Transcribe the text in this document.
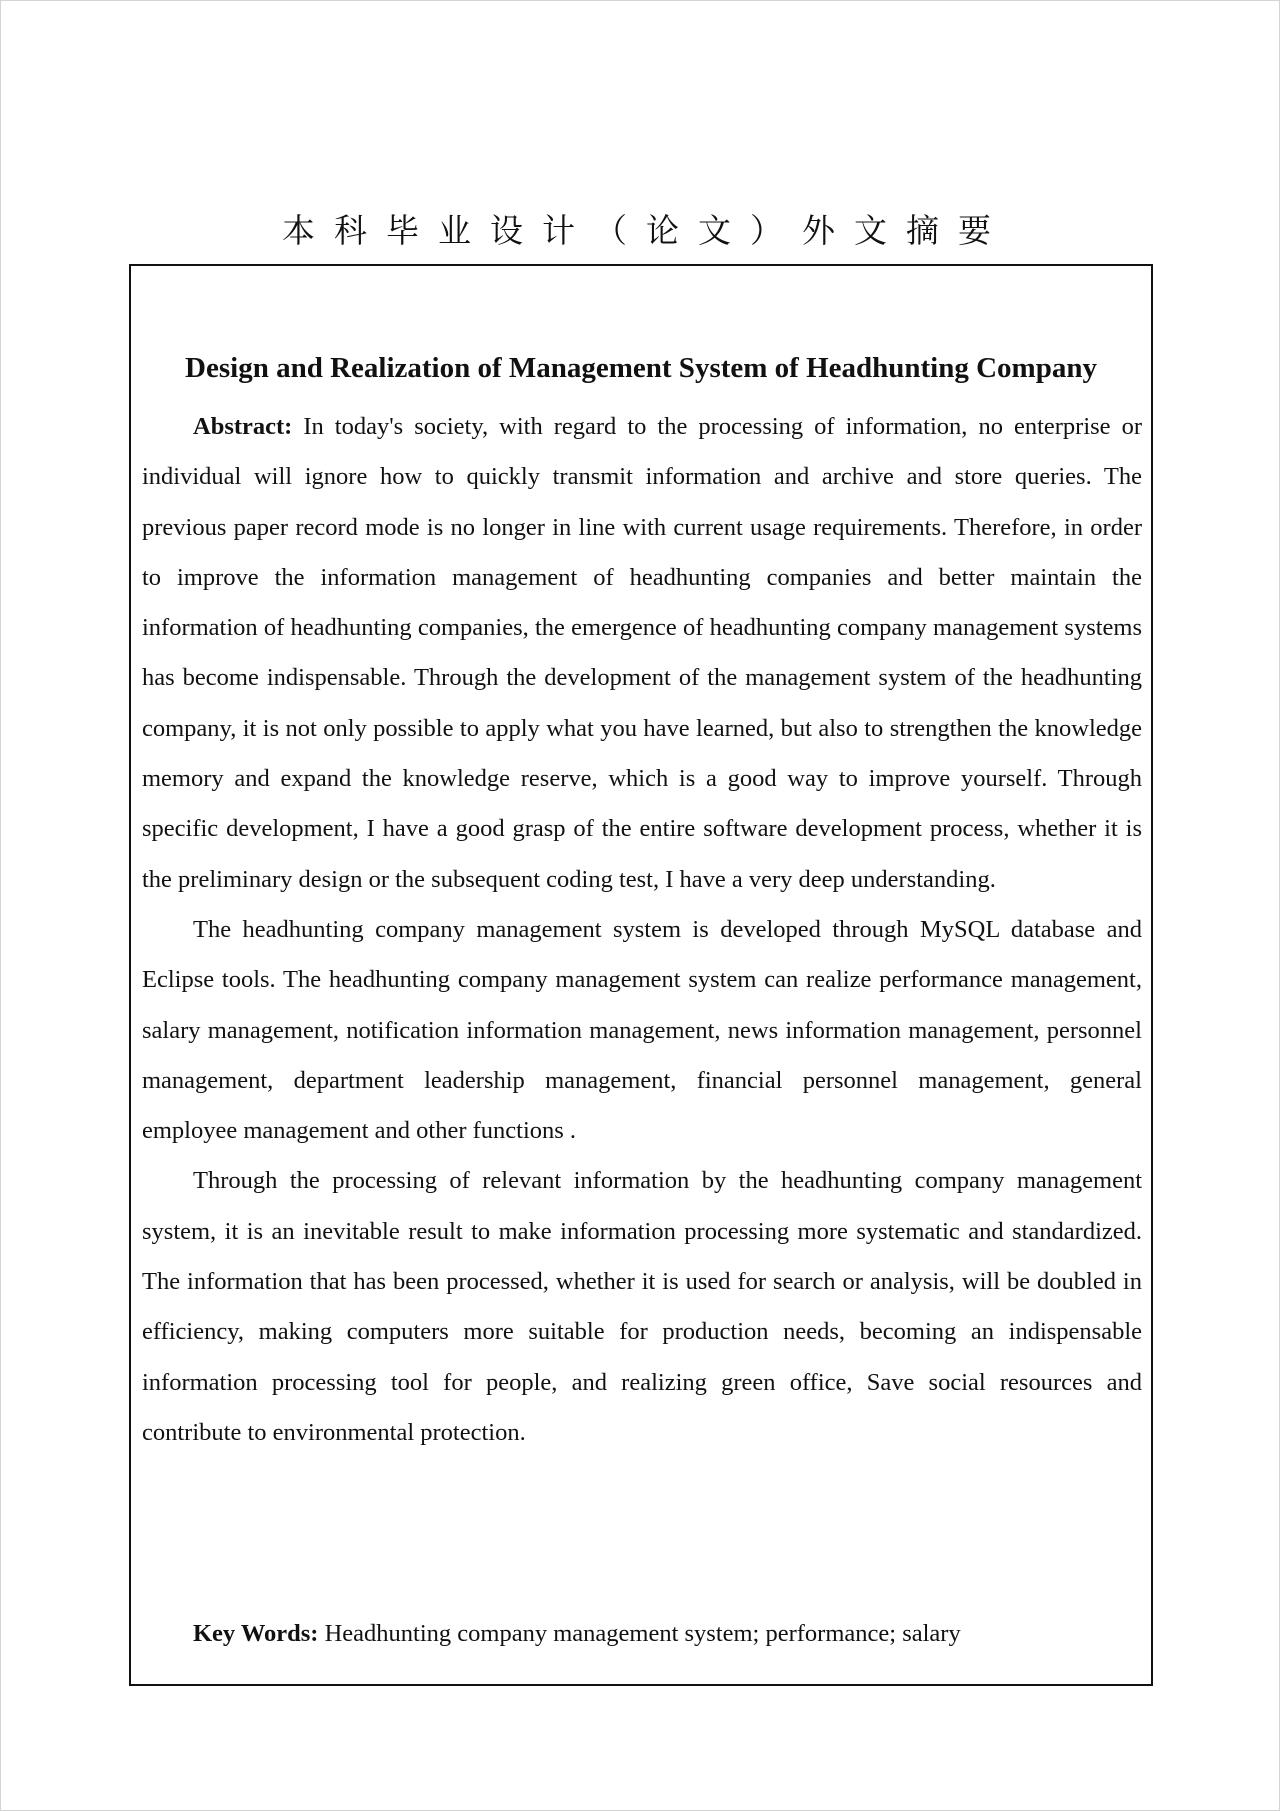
本科毕业设计（论文）外文摘要
Design and Realization of Management System of Headhunting Company

Abstract: In today's society, with regard to the processing of information, no enterprise or individual will ignore how to quickly transmit information and archive and store queries. The previous paper record mode is no longer in line with current usage requirements. Therefore, in order to improve the information management of headhunting companies and better maintain the information of headhunting companies, the emergence of headhunting company management systems has become indispensable. Through the development of the management system of the headhunting company, it is not only possible to apply what you have learned, but also to strengthen the knowledge memory and expand the knowledge reserve, which is a good way to improve yourself. Through specific development, I have a good grasp of the entire software development process, whether it is the preliminary design or the subsequent coding test, I have a very deep understanding.

The headhunting company management system is developed through MySQL database and Eclipse tools. The headhunting company management system can realize performance management, salary management, notification information management, news information management, personnel management, department leadership management, financial personnel management, general employee management and other functions .

Through the processing of relevant information by the headhunting company management system, it is an inevitable result to make information processing more systematic and standardized. The information that has been processed, whether it is used for search or analysis, will be doubled in efficiency, making computers more suitable for production needs, becoming an indispensable information processing tool for people, and realizing green office, Save social resources and contribute to environmental protection.

Key Words: Headhunting company management system; performance; salary
